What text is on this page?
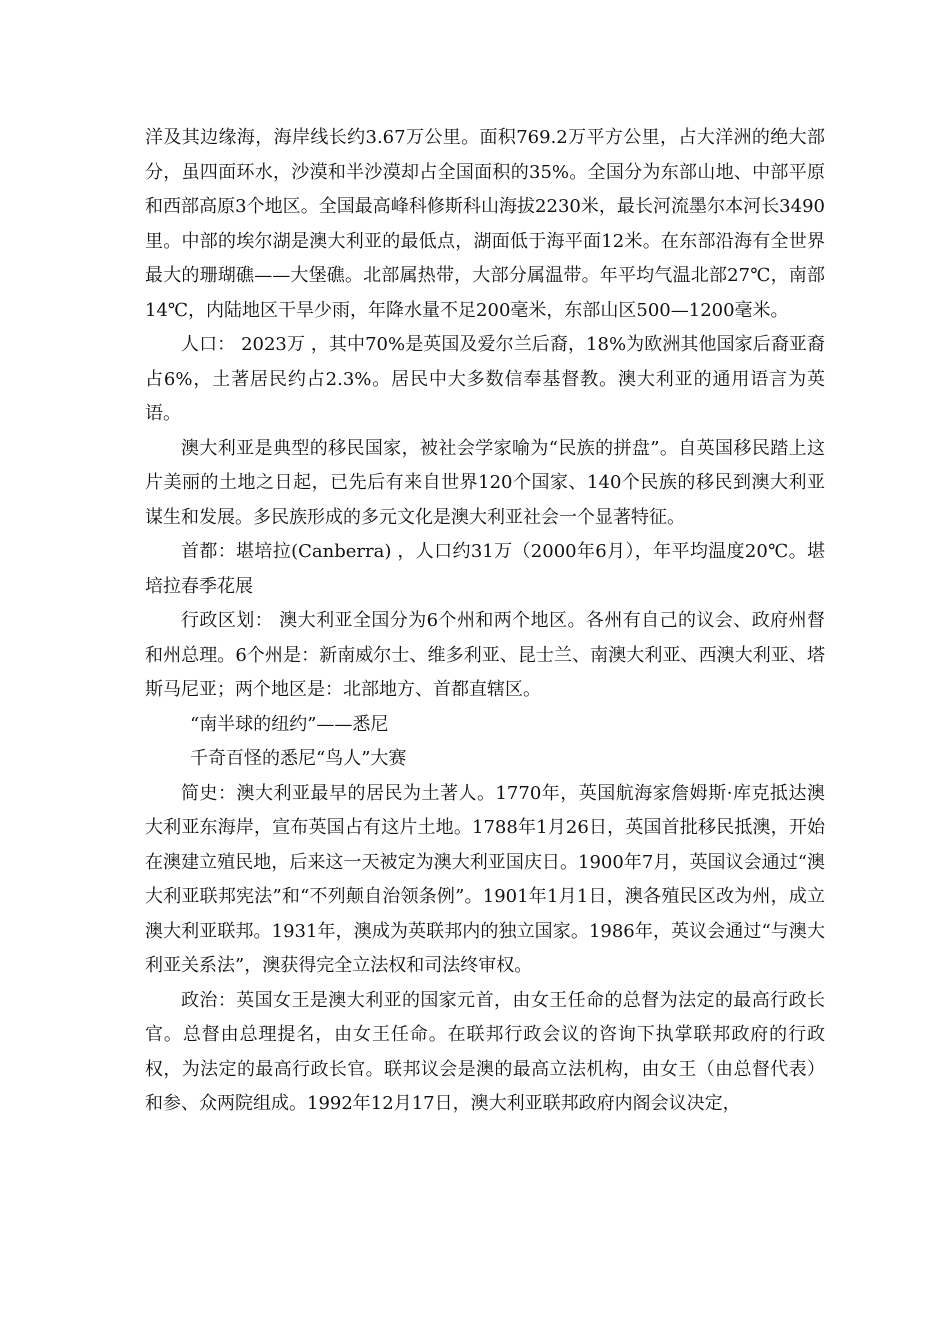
洋及其边缘海，海岸线长约3.67万公里。面积769.2万平方公里，占大洋洲的绝大部分，虽四面环水，沙漠和半沙漠却占全国面积的35%。全国分为东部山地、中部平原和西部高原3个地区。全国最高峰科修斯科山海拔2230米，最长河流墨尔本河长3490里。中部的埃尔湖是澳大利亚的最低点，湖面低于海平面12米。在东部沿海有全世界最大的珊瑚礁——大堡礁。北部属热带，大部分属温带。年平均气温北部27℃，南部14℃，内陆地区干旱少雨，年降水量不足200毫米，东部山区500—1200毫米。

人口： 2023万 ，其中70%是英国及爱尔兰后裔，18%为欧洲其他国家后裔亚裔占6%，土著居民约占2.3%。居民中大多数信奉基督教。澳大利亚的通用语言为英语。

澳大利亚是典型的移民国家，被社会学家喻为“民族的拼盘”。自英国移民踏上这片美丽的土地之日起，已先后有来自世界120个国家、140个民族的移民到澳大利亚谋生和发展。多民族形成的多元文化是澳大利亚社会一个显著特征。

首都：堪培拉(Canberra) ，人口约31万（2000年6月），年平均温度20℃。堪培拉春季花展

行政区划： 澳大利亚全国分为6个州和两个地区。各州有自己的议会、政府州督和州总理。6个州是：新南威尔士、维多利亚、昆士兰、南澳大利亚、西澳大利亚、塔斯马尼亚；两个地区是：北部地方、首都直辖区。

“南半球的纽约”——悉尼

千奇百怪的悉尼“鸟人”大赛

简史：澳大利亚最早的居民为土著人。1770年，英国航海家詹姆斯·库克抵达澳大利亚东海岸，宣布英国占有这片土地。1788年1月26日，英国首批移民抵澳，开始在澳建立殖民地，后来这一天被定为澳大利亚国庆日。1900年7月，英国议会通过“澳大利亚联邦宪法”和“不列颠自治领条例”。1901年1月1日，澳各殖民区改为州，成立澳大利亚联邦。1931年，澳成为英联邦内的独立国家。1986年，英议会通过“与澳大利亚关系法”，澳获得完全立法权和司法终审权。

政治：英国女王是澳大利亚的国家元首，由女王任命的总督为法定的最高行政长官。总督由总理提名，由女王任命。在联邦行政会议的咨询下执掌联邦政府的行政权，为法定的最高行政长官。联邦议会是澳的最高立法机构，由女王（由总督代表）和参、众两院组成。1992年12月17日，澳大利亚联邦政府内阁会议决定，
